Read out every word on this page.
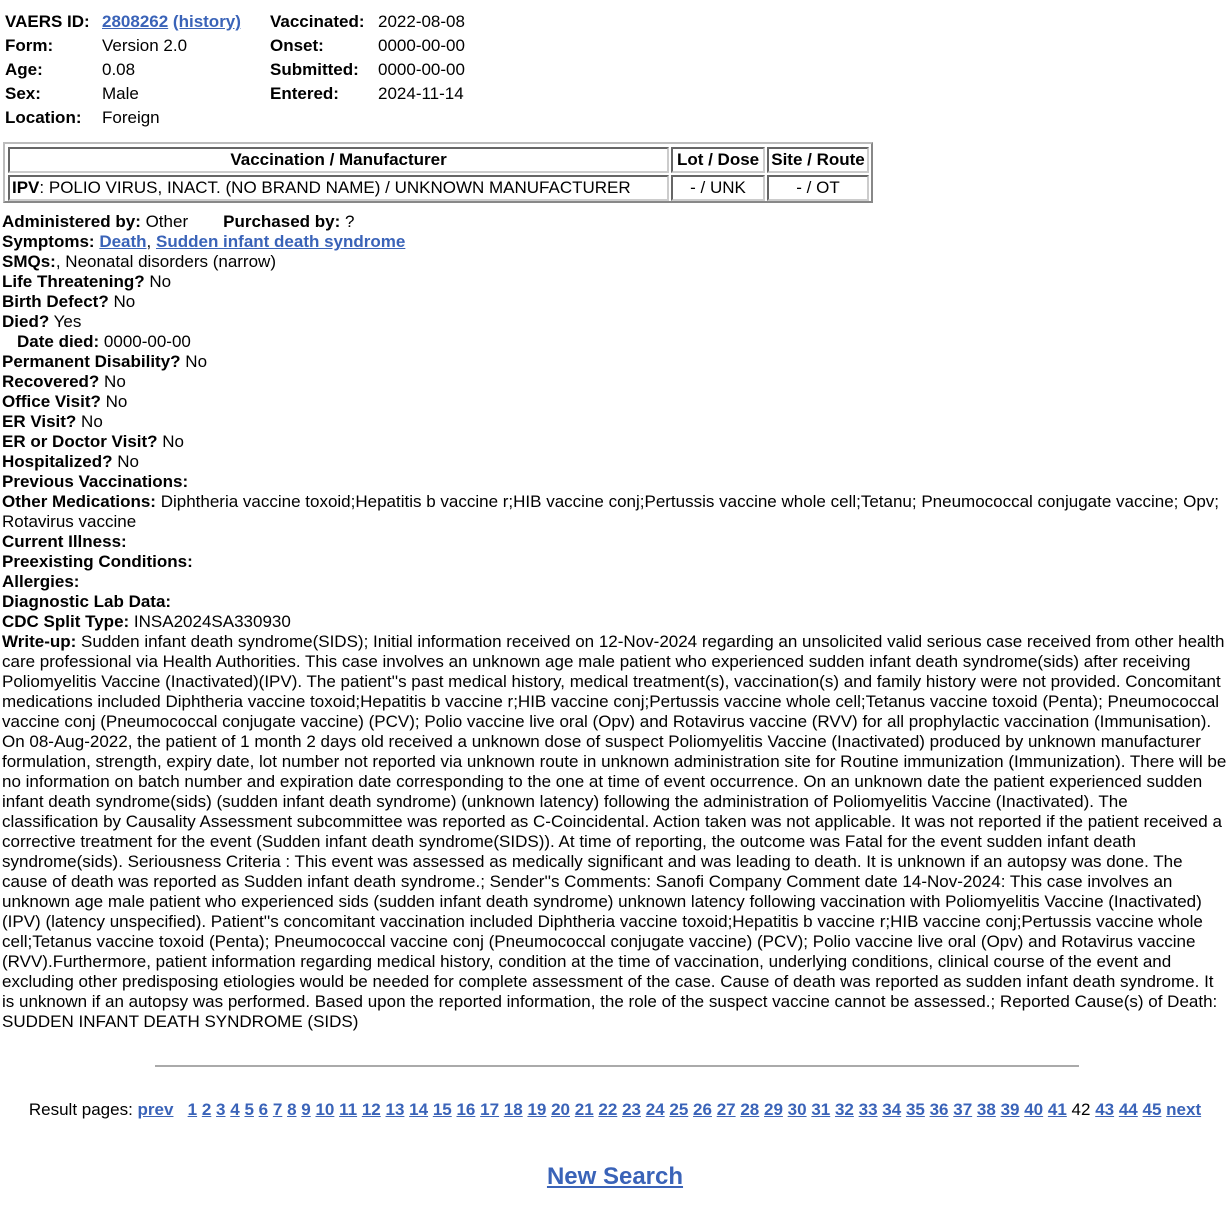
VAERS ID:	2808262 (history)	Vaccinated:	2022-08-08
Form:	Version 2.0	Onset:	0000-00-00
Age:	0.08	Submitted:	0000-00-00
Sex:	Male	Entered:	2024-11-14
Location:	Foreign		
Vaccination / Manufacturer	Lot / Dose	Site / Route
IPV: POLIO VIRUS, INACT. (NO BRAND NAME) / UNKNOWN MANUFACTURER	- / UNK	- / OT
Administered by: Other Purchased by: ?
Symptoms: Death, Sudden infant death syndrome
SMQs:, Neonatal disorders (narrow)
Life Threatening? No
Birth Defect? No
Died? Yes
Date died: 0000-00-00
Permanent Disability? No
Recovered? No
Office Visit? No
ER Visit? No
ER or Doctor Visit? No
Hospitalized? No
Previous Vaccinations:
Other Medications: Diphtheria vaccine toxoid;Hepatitis b vaccine r;HIB vaccine conj;Pertussis vaccine whole cell;Tetanu; Pneumococcal conjugate vaccine; Opv; Rotavirus vaccine
Current Illness:
Preexisting Conditions:
Allergies:
Diagnostic Lab Data:
CDC Split Type: INSA2024SA330930
Write-up: Sudden infant death syndrome(SIDS); Initial information received on 12-Nov-2024 regarding an unsolicited valid serious case received from other health care professional via Health Authorities. This case involves an unknown age male patient who experienced sudden infant death syndrome(sids) after receiving Poliomyelitis Vaccine (Inactivated)(IPV). The patient''s past medical history, medical treatment(s), vaccination(s) and family history were not provided. Concomitant medications included Diphtheria vaccine toxoid;Hepatitis b vaccine r;HIB vaccine conj;Pertussis vaccine whole cell;Tetanus vaccine toxoid (Penta); Pneumococcal vaccine conj (Pneumococcal conjugate vaccine) (PCV); Polio vaccine live oral (Opv) and Rotavirus vaccine (RVV) for all prophylactic vaccination (Immunisation). On 08-Aug-2022, the patient of 1 month 2 days old received a unknown dose of suspect Poliomyelitis Vaccine (Inactivated) produced by unknown manufacturer formulation, strength, expiry date, lot number not reported via unknown route in unknown administration site for Routine immunization (Immunization). There will be no information on batch number and expiration date corresponding to the one at time of event occurrence. On an unknown date the patient experienced sudden infant death syndrome(sids) (sudden infant death syndrome) (unknown latency) following the administration of Poliomyelitis Vaccine (Inactivated). The classification by Causality Assessment subcommittee was reported as C-Coincidental. Action taken was not applicable. It was not reported if the patient received a corrective treatment for the event (Sudden infant death syndrome(SIDS)). At time of reporting, the outcome was Fatal for the event sudden infant death syndrome(sids). Seriousness Criteria : This event was assessed as medically significant and was leading to death. It is unknown if an autopsy was done. The cause of death was reported as Sudden infant death syndrome.; Sender''s Comments: Sanofi Company Comment date 14-Nov-2024: This case involves an unknown age male patient who experienced sids (sudden infant death syndrome) unknown latency following vaccination with Poliomyelitis Vaccine (Inactivated) (IPV) (latency unspecified). Patient''s concomitant vaccination included Diphtheria vaccine toxoid;Hepatitis b vaccine r;HIB vaccine conj;Pertussis vaccine whole cell;Tetanus vaccine toxoid (Penta); Pneumococcal vaccine conj (Pneumococcal conjugate vaccine) (PCV); Polio vaccine live oral (Opv) and Rotavirus vaccine (RVV).Furthermore, patient information regarding medical history, condition at the time of vaccination, underlying conditions, clinical course of the event and excluding other predisposing etiologies would be needed for complete assessment of the case. Cause of death was reported as sudden infant death syndrome. It is unknown if an autopsy was performed. Based upon the reported information, the role of the suspect vaccine cannot be assessed.; Reported Cause(s) of Death: SUDDEN INFANT DEATH SYNDROME (SIDS)
Result pages: prev 1 2 3 4 5 6 7 8 9 10 11 12 13 14 15 16 17 18 19 20 21 22 23 24 25 26 27 28 29 30 31 32 33 34 35 36 37 38 39 40 41 42 43 44 45 next
New Search
